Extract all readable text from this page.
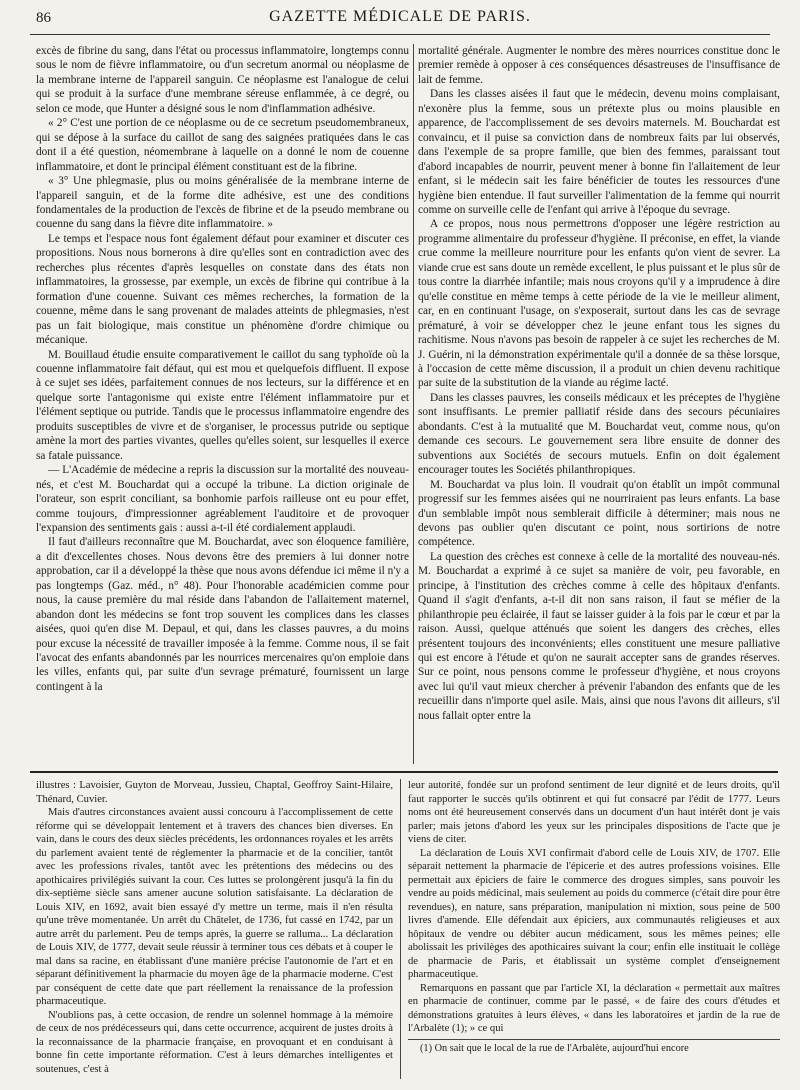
86	GAZETTE MÉDICALE DE PARIS.

excès de fibrine du sang, dans l'état ou processus inflammatoire, longtemps connu sous le nom de fièvre inflammatoire, ou d'un secretum anormal ou néoplasme de la membrane interne de l'appareil sanguin. Ce néoplasme est l'analogue de celui qui se produit à la surface d'une membrane séreuse enflammée, à ce degré, ou selon ce mode, que Hunter a désigné sous le nom d'inflammation adhésive.

« 2° C'est une portion de ce néoplasme ou de ce secretum pseudomembraneux, qui se dépose à la surface du caillot de sang des saignées pratiquées dans le cas dont il a été question, néomembrane à laquelle on a donné le nom de couenne inflammatoire, et dont le principal élément constituant est de la fibrine.

« 3° Une phlegmasie, plus ou moins généralisée de la membrane interne de l'appareil sanguin, et de la forme dite adhésive, est une des conditions fondamentales de la production de l'excès de fibrine et de la pseudo membrane ou couenne du sang dans la fièvre dite inflammatoire. »

Le temps et l'espace nous font également défaut pour examiner et discuter ces propositions. Nous nous bornerons à dire qu'elles sont en contradiction avec des recherches plus récentes d'après lesquelles on constate dans des états non inflammatoires, la grossesse, par exemple, un excès de fibrine qui contribue à la formation d'une couenne. Suivant ces mêmes recherches, la formation de la couenne, même dans le sang provenant de malades atteints de phlegmasies, n'est pas un fait biologique, mais constitue un phénomène d'ordre chimique ou mécanique.

M. Bouillaud étudie ensuite comparativement le caillot du sang typhoïde où la couenne inflammatoire fait défaut, qui est mou et quelquefois diffluent. Il expose à ce sujet ses idées, parfaitement connues de nos lecteurs, sur la différence et en quelque sorte l'antagonisme qui existe entre l'élément inflammatoire pur et l'élément septique ou putride. Tandis que le processus inflammatoire engendre des produits susceptibles de vivre et de s'organiser, le processus putride ou septique amène la mort des parties vivantes, quelles qu'elles soient, sur lesquelles il exerce sa fatale puissance.

— L'Académie de médecine a repris la discussion sur la mortalité des nouveau-nés, et c'est M. Bouchardat qui a occupé la tribune. La diction originale de l'orateur, son esprit conciliant, sa bonhomie parfois railleuse ont eu pour effet, comme toujours, d'impressionner agréablement l'auditoire et de provoquer l'expansion des sentiments gais : aussi a-t-il été cordialement applaudi.

Il faut d'ailleurs reconnaître que M. Bouchardat, avec son éloquence familière, a dit d'excellentes choses. Nous devons être des premiers à lui donner notre approbation, car il a développé la thèse que nous avons défendue ici même il n'y a pas longtemps (Gaz. méd., n° 48). Pour l'honorable académicien comme pour nous, la cause première du mal réside dans l'abandon de l'allaitement maternel, abandon dont les médecins se font trop souvent les complices dans les classes aisées, quoi qu'en dise M. Depaul, et qui, dans les classes pauvres, a du moins pour excuse la nécessité de travailler imposée à la femme. Comme nous, il se fait l'avocat des enfants abandonnés par les nourrices mercenaires qu'on emploie dans les villes, enfants qui, par suite d'un sevrage prématuré, fournissent un large contingent à la

mortalité générale. Augmenter le nombre des mères nourrices constitue donc le premier remède à opposer à ces conséquences désastreuses de l'insuffisance de lait de femme.

Dans les classes aisées il faut que le médecin, devenu moins complaisant, n'exonère plus la femme, sous un prétexte plus ou moins plausible en apparence, de l'accomplissement de ses devoirs maternels. M. Bouchardat est convaincu, et il puise sa conviction dans de nombreux faits par lui observés, dans l'exemple de sa propre famille, que bien des femmes, paraissant tout d'abord incapables de nourrir, peuvent mener à bonne fin l'allaitement de leur enfant, si le médecin sait les faire bénéficier de toutes les ressources d'une hygiène bien entendue. Il faut surveiller l'alimentation de la femme qui nourrit comme on surveille celle de l'enfant qui arrive à l'époque du sevrage.

A ce propos, nous nous permettrons d'opposer une légère restriction au programme alimentaire du professeur d'hygiène. Il préconise, en effet, la viande crue comme la meilleure nourriture pour les enfants qu'on vient de sevrer. La viande crue est sans doute un remède excellent, le plus puissant et le plus sûr de tous contre la diarrhée infantile; mais nous croyons qu'il y a imprudence à dire qu'elle constitue en même temps à cette période de la vie le meilleur aliment, car, en en continuant l'usage, on s'exposerait, surtout dans les cas de sevrage prématuré, à voir se développer chez le jeune enfant tous les signes du rachitisme. Nous n'avons pas besoin de rappeler à ce sujet les recherches de M. J. Guérin, ni la démonstration expérimentale qu'il a donnée de sa thèse lorsque, à l'occasion de cette même discussion, il a produit un chien devenu rachitique par suite de la substitution de la viande au régime lacté.

Dans les classes pauvres, les conseils médicaux et les préceptes de l'hygiène sont insuffisants. Le premier palliatif réside dans des secours pécuniaires abondants. C'est à la mutualité que M. Bouchardat veut, comme nous, qu'on demande ces secours. Le gouvernement sera libre ensuite de donner des subventions aux Sociétés de secours mutuels. Enfin on doit également encourager toutes les Sociétés philanthropiques.

M. Bouchardat va plus loin. Il voudrait qu'on établît un impôt communal progressif sur les femmes aisées qui ne nourriraient pas leurs enfants. La base d'un semblable impôt nous semblerait difficile à déterminer; mais nous ne devons pas oublier qu'en discutant ce point, nous sortirions de notre compétence.

La question des crèches est connexe à celle de la mortalité des nouveau-nés. M. Bouchardat a exprimé à ce sujet sa manière de voir, peu favorable, en principe, à l'institution des crèches comme à celle des hôpitaux d'enfants. Quand il s'agit d'enfants, a-t-il dit non sans raison, il faut se méfier de la philanthropie peu éclairée, il faut se laisser guider à la fois par le cœur et par la raison. Aussi, quelque atténués que soient les dangers des crèches, elles présentent toujours des inconvénients; elles constituent une mesure palliative qui est encore à l'étude et qu'on ne saurait accepter sans de grandes réserves. Sur ce point, nous pensons comme le professeur d'hygiène, et nous croyons avec lui qu'il vaut mieux chercher à prévenir l'abandon des enfants que de les recueillir dans n'importe quel asile. Mais, ainsi que nous l'avons dit ailleurs, s'il nous fallait opter entre la

illustres : Lavoisier, Guyton de Morveau, Jussieu, Chaptal, Geoffroy Saint-Hilaire, Thénard, Cuvier.

Mais d'autres circonstances avaient aussi concouru à l'accomplissement de cette réforme qui se développait lentement et à travers des chances bien diverses. En vain, dans le cours des deux siècles précédents, les ordonnances royales et les arrêts du parlement avaient tenté de réglementer la pharmacie et de la concilier, tantôt avec les professions rivales, tantôt avec les prétentions des médecins ou des apothicaires privilégiés suivant la cour. Ces luttes se prolongèrent jusqu'à la fin du dix-septième siècle sans amener aucune solution satisfaisante. La déclaration de Louis XIV, en 1692, avait bien essayé d'y mettre un terme, mais il n'en résulta qu'une trêve momentanée. Un arrêt du Châtelet, de 1736, fut cassé en 1742, par un autre arrêt du parlement. Peu de temps après, la guerre se ralluma... La déclaration de Louis XIV, de 1777, devait seule réussir à terminer tous ces débats et à couper le mal dans sa racine, en établissant d'une manière précise l'autonomie de l'art et en séparant définitivement la pharmacie du moyen âge de la pharmacie moderne. C'est par conséquent de cette date que part réellement la renaissance de la profession pharmaceutique.

N'oublions pas, à cette occasion, de rendre un solennel hommage à la mémoire de ceux de nos prédécesseurs qui, dans cette occurrence, acquirent de justes droits à la reconnaissance de la pharmacie française, en provoquant et en conduisant à bonne fin cette importante réformation. C'est à leurs démarches intelligentes et soutenues, c'est à

leur autorité, fondée sur un profond sentiment de leur dignité et de leurs droits, qu'il faut rapporter le succès qu'ils obtinrent et qui fut consacré par l'édit de 1777. Leurs noms ont été heureusement conservés dans un document d'un haut intérêt dont je vais parler; mais jetons d'abord les yeux sur les principales dispositions de l'acte que je viens de citer.

La déclaration de Louis XVI confirmait d'abord celle de Louis XIV, de 1707. Elle séparait nettement la pharmacie de l'épicerie et des autres professions voisines. Elle permettait aux épiciers de faire le commerce des drogues simples, sans pouvoir les vendre au poids médicinal, mais seulement au poids du commerce (c'était dire pour être revendues), en nature, sans préparation, manipulation ni mixtion, sous peine de 500 livres d'amende. Elle défendait aux épiciers, aux communautés religieuses et aux hôpitaux de vendre ou débiter aucun médicament, sous les mêmes peines; elle abolissait les privilèges des apothicaires suivant la cour; enfin elle instituait le collège de pharmacie de Paris, et établissait un système complet d'enseignement pharmaceutique.

Remarquons en passant que par l'article XI, la déclaration « permettait aux maîtres en pharmacie de continuer, comme par le passé, « de faire des cours d'études et démonstrations gratuites à leurs élèves, « dans les laboratoires et jardin de la rue de l'Arbalète (1); » ce qui

(1) On sait que le local de la rue de l'Arbalète, aujourd'hui encore
